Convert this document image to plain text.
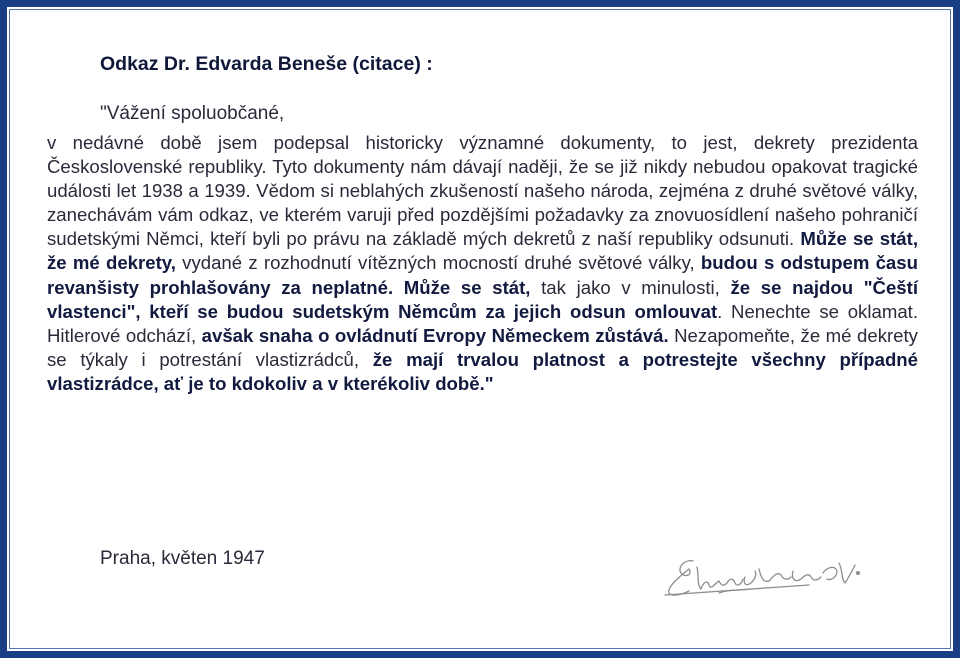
Odkaz Dr. Edvarda Beneše (citace) :
"Vážení spoluobčané,

v nedávné době jsem podepsal historicky významné dokumenty, to jest, dekrety prezidenta Československé republiky. Tyto dokumenty nám dávají naději, že se již nikdy nebudou opakovat tragické události let 1938 a 1939. Vědom si neblahých zkušeností našeho národa, zejména z druhé světové války, zanechávám vám odkaz, ve kterém varuji před pozdějšími požadavky za znovuosídlení našeho pohraničí sudetskými Němci, kteří byli po právu na základě mých dekretů z naší republiky odsunuti. Může se stát, že mé dekrety, vydané z rozhodnutí vítězných mocností druhé světové války, budou s odstupem času revanšisty prohlašovány za neplatné. Může se stát, tak jako v minulosti, že se najdou "Čeští vlastenci", kteří se budou sudetským Němcům za jejich odsun omlouvat. Nenechte se oklamat. Hitlerové odchází, avšak snaha o ovládnutí Evropy Německem zůstává. Nezapomeňte, že mé dekrety se týkaly i potrestání vlastizrádců, že mají trvalou platnost a potrestejte všechny případné vlastizrádce, ať je to kdokoliv a v kterékoliv době."

Praha, květen 1947
